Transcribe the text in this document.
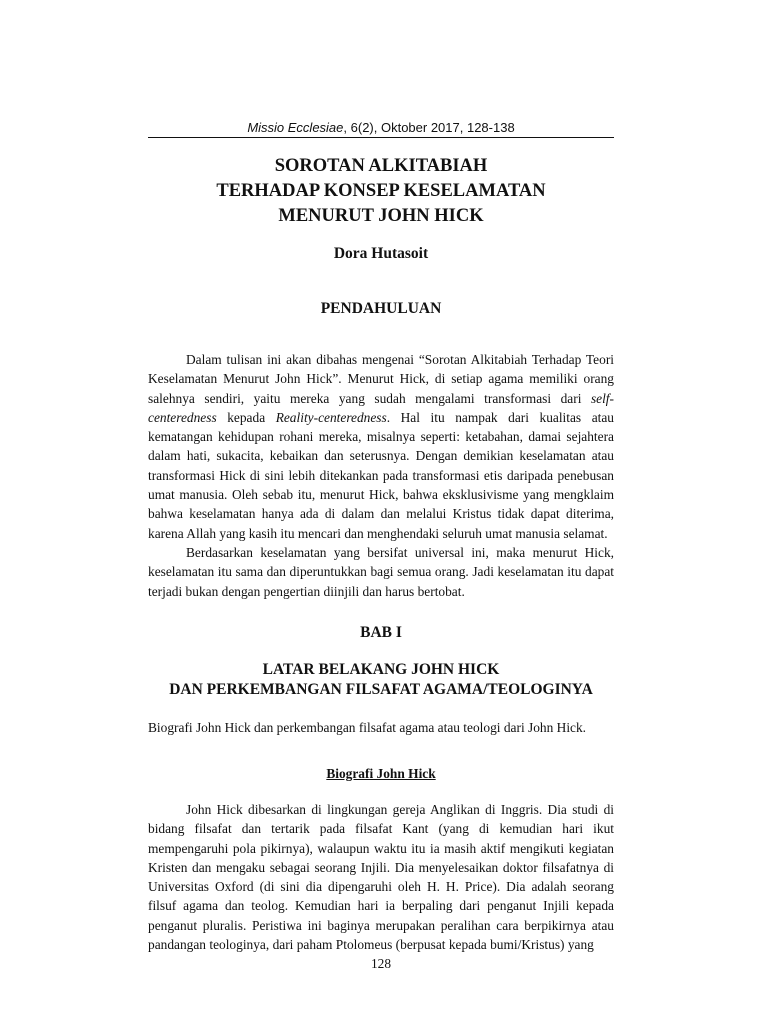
Missio Ecclesiae, 6(2), Oktober 2017, 128-138
SOROTAN ALKITABIAH
TERHADAP KONSEP KESELAMATAN
MENURUT JOHN HICK
Dora Hutasoit
PENDAHULUAN

Dalam tulisan ini akan dibahas mengenai “Sorotan Alkitabiah Terhadap Teori Keselamatan Menurut John Hick”. Menurut Hick, di setiap agama memiliki orang salehnya sendiri, yaitu mereka yang sudah mengalami transformasi dari self-centeredness kepada Reality-centeredness. Hal itu nampak dari kualitas atau kematangan kehidupan rohani mereka, misalnya seperti: ketabahan, damai sejahtera dalam hati, sukacita, kebaikan dan seterusnya. Dengan demikian keselamatan atau transformasi Hick di sini lebih ditekankan pada transformasi etis daripada penebusan umat manusia. Oleh sebab itu, menurut Hick, bahwa eksklusivisme yang mengklaim bahwa keselamatan hanya ada di dalam dan melalui Kristus tidak dapat diterima, karena Allah yang kasih itu mencari dan menghendaki seluruh umat manusia selamat.

Berdasarkan keselamatan yang bersifat universal ini, maka menurut Hick, keselamatan itu sama dan diperuntukkan bagi semua orang. Jadi keselamatan itu dapat terjadi bukan dengan pengertian diinjili dan harus bertobat.

BAB I
LATAR BELAKANG JOHN HICK
DAN PERKEMBANGAN FILSAFAT AGAMA/TEOLOGINYA
Biografi John Hick dan perkembangan filsafat agama atau teologi dari John Hick.
Biografi John Hick

John Hick dibesarkan di lingkungan gereja Anglikan di Inggris. Dia studi di bidang filsafat dan tertarik pada filsafat Kant (yang di kemudian hari ikut mempengaruhi pola pikirnya), walaupun waktu itu ia masih aktif mengikuti kegiatan Kristen dan mengaku sebagai seorang Injili. Dia menyelesaikan doktor filsafatnya di Universitas Oxford (di sini dia dipengaruhi oleh H. H. Price). Dia adalah seorang filsuf agama dan teolog. Kemudian hari ia berpaling dari penganut Injili kepada penganut pluralis. Peristiwa ini baginya merupakan peralihan cara berpikirnya atau pandangan teologinya, dari paham Ptolomeus (berpusat kepada bumi/Kristus) yang

128
